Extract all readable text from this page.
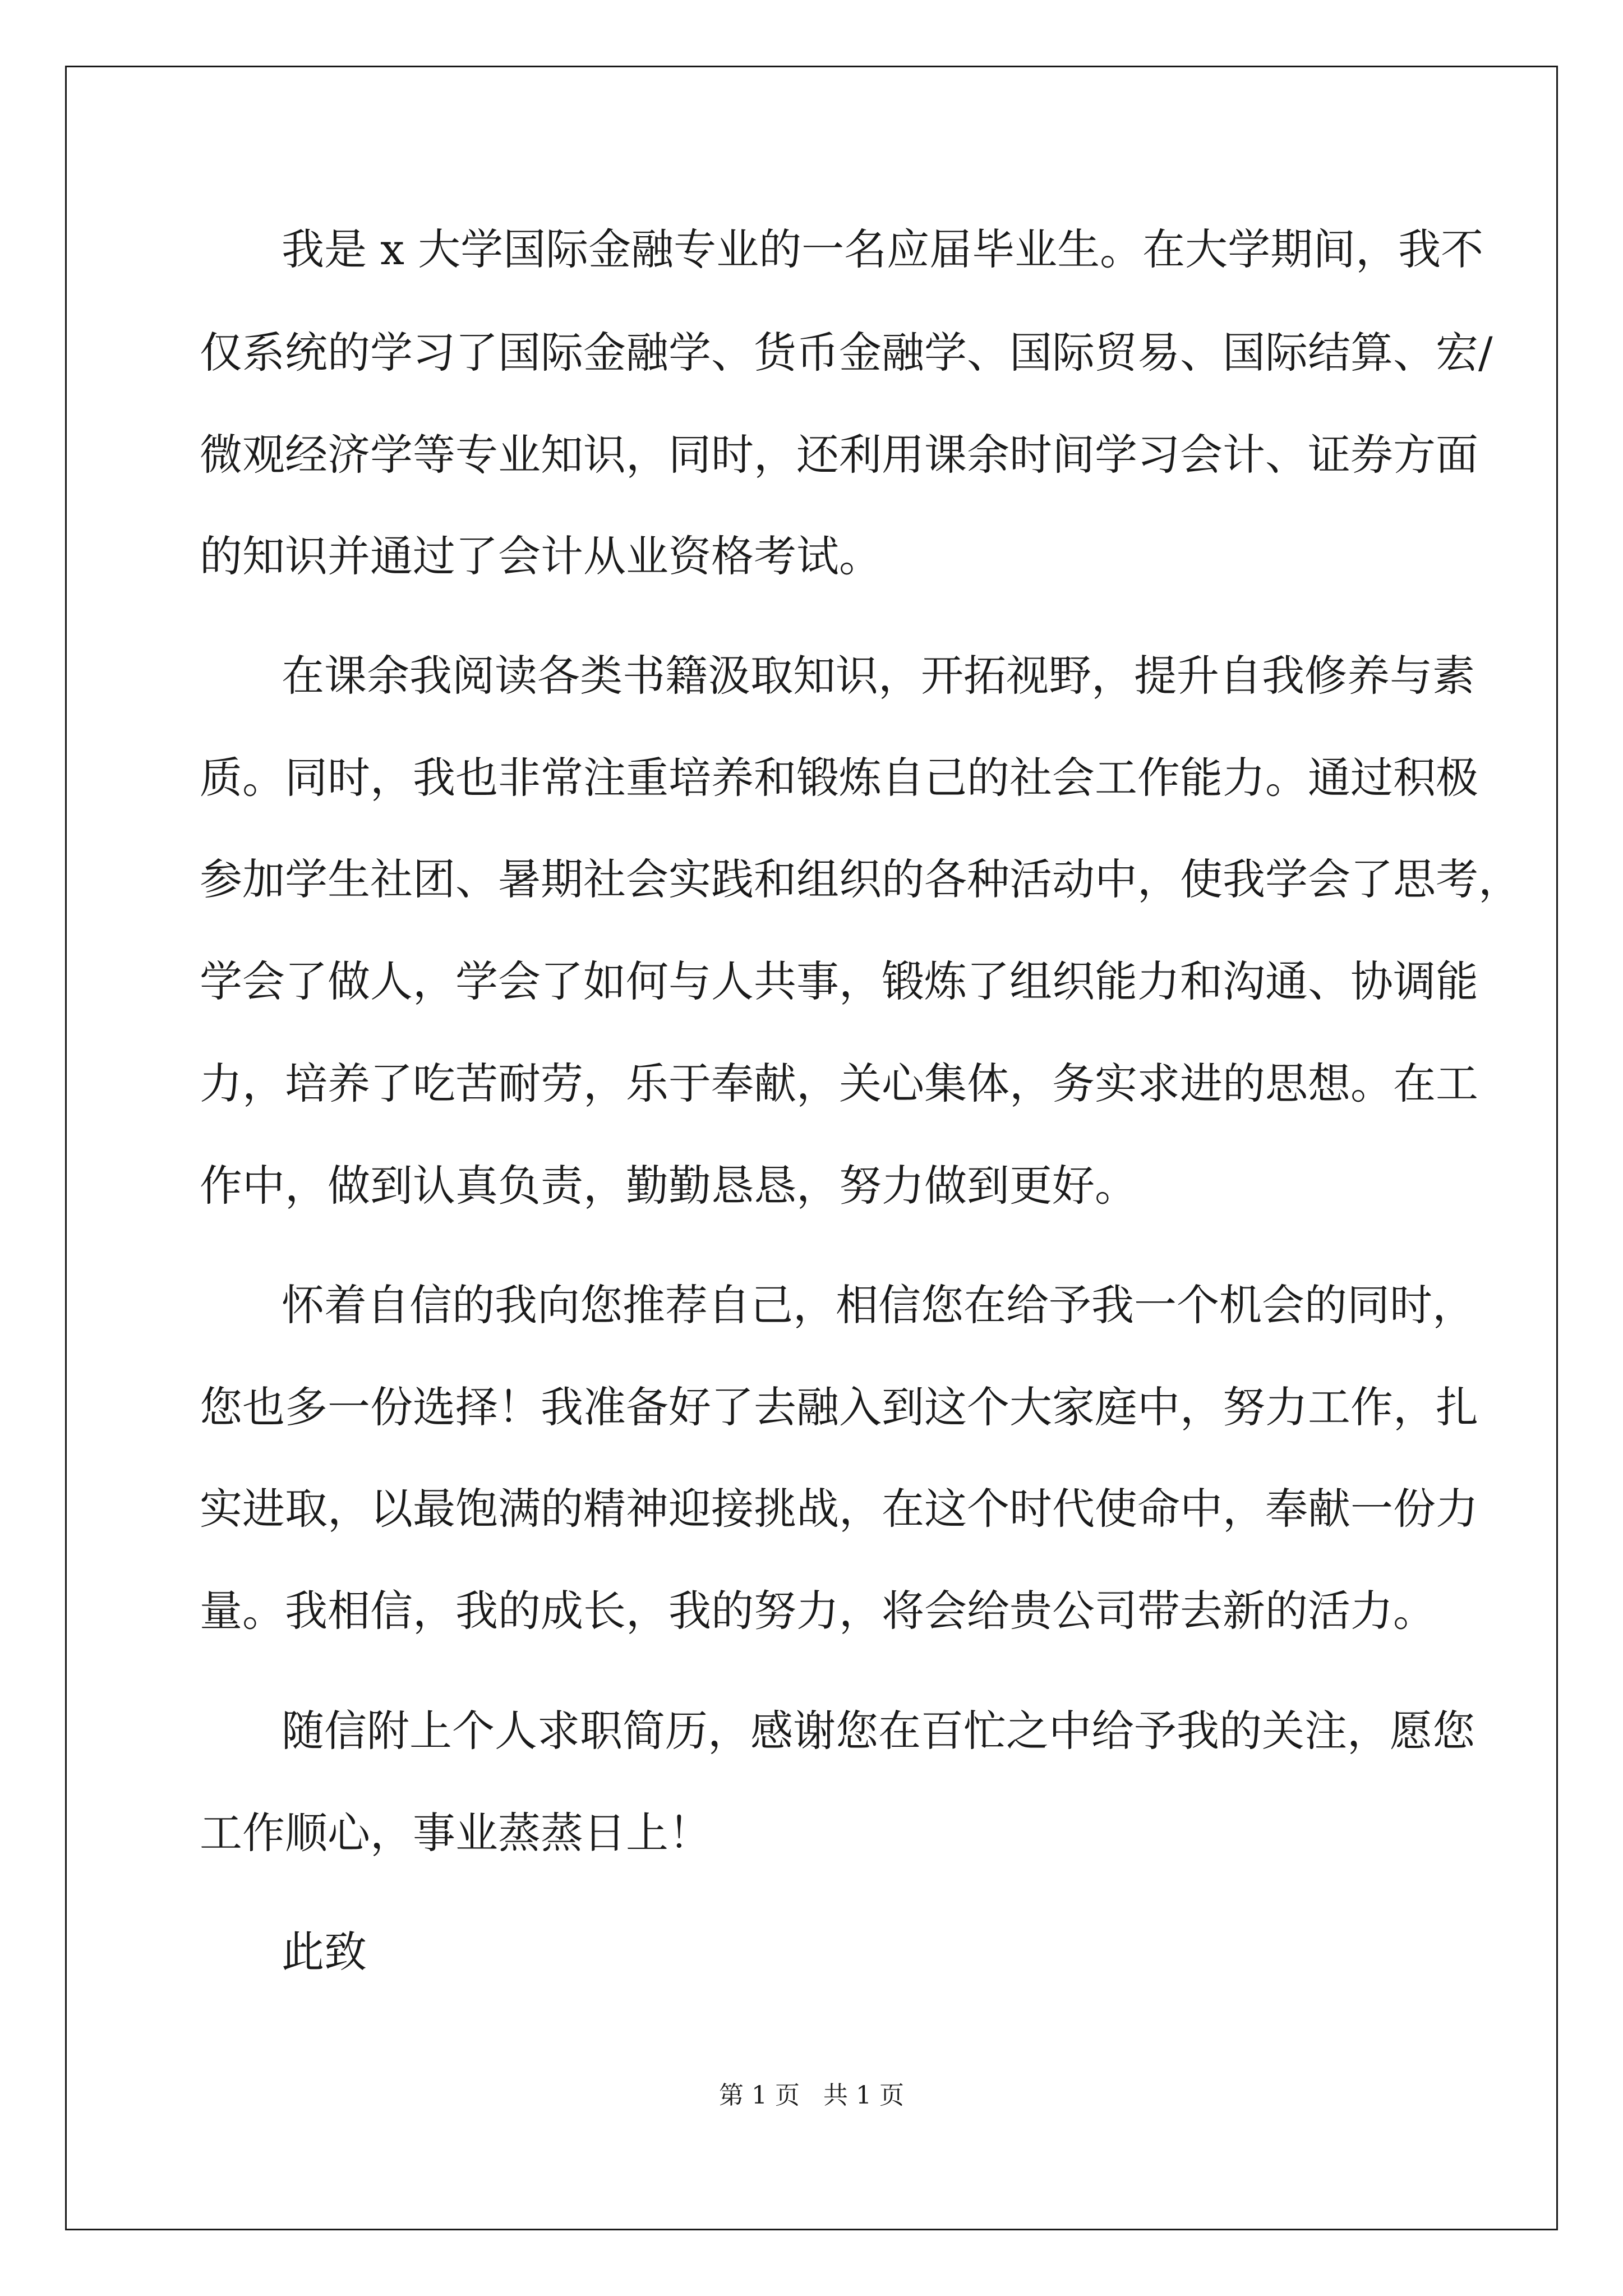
我是 x 大学国际金融专业的一名应届毕业生。在大学期间，我不

仅系统的学习了国际金融学、货币金融学、国际贸易、国际结算、宏/

微观经济学等专业知识，同时，还利用课余时间学习会计、证券方面

的知识并通过了会计从业资格考试。

在课余我阅读各类书籍汲取知识，开拓视野，提升自我修养与素

质。同时，我也非常注重培养和锻炼自己的社会工作能力。通过积极

参加学生社团、暑期社会实践和组织的各种活动中，使我学会了思考，

学会了做人，学会了如何与人共事，锻炼了组织能力和沟通、协调能

力，培养了吃苦耐劳，乐于奉献，关心集体，务实求进的思想。在工

作中，做到认真负责，勤勤恳恳，努力做到更好。

怀着自信的我向您推荐自己，相信您在给予我一个机会的同时，

您也多一份选择！我准备好了去融入到这个大家庭中，努力工作，扎

实进取，以最饱满的精神迎接挑战，在这个时代使命中，奉献一份力

量。我相信，我的成长，我的努力，将会给贵公司带去新的活力。

随信附上个人求职简历，感谢您在百忙之中给予我的关注，愿您

工作顺心，事业蒸蒸日上！

此致

第 1 页   共 1 页
